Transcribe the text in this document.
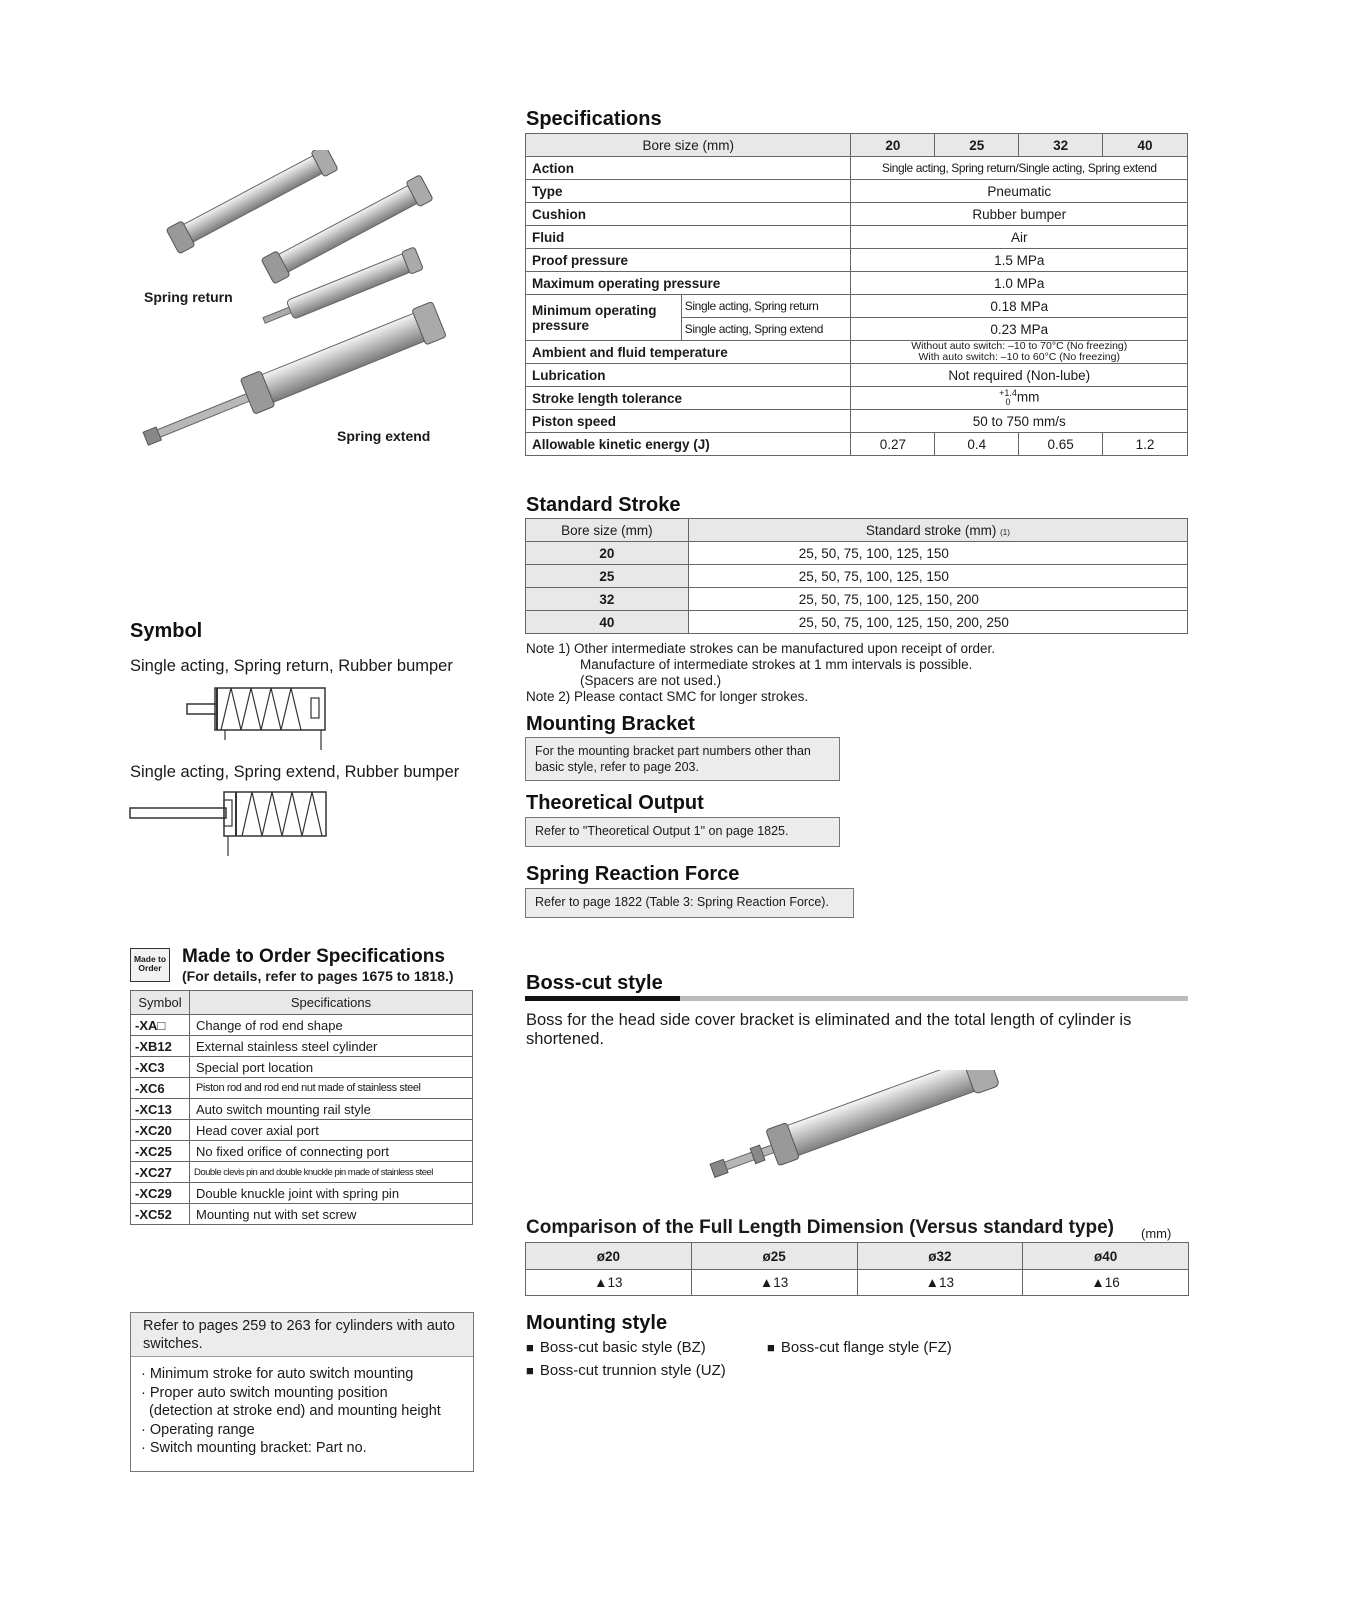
Spring return
Spring extend
Symbol
Single acting, Spring return, Rubber bumper
Single acting, Spring extend, Rubber bumper
Made to Order
Made to Order Specifications
(For details, refer to pages 1675 to 1818.)
Symbol	Specifications
-XA□	Change of rod end shape
-XB12	External stainless steel cylinder
-XC3	Special port location
-XC6	Piston rod and rod end nut made of stainless steel
-XC13	Auto switch mounting rail style
-XC20	Head cover axial port
-XC25	No fixed orifice of connecting port
-XC27	Double clevis pin and double knuckle pin made of stainless steel
-XC29	Double knuckle joint with spring pin
-XC52	Mounting nut with set screw
Refer to pages 259 to 263 for cylinders with auto switches.
· Minimum stroke for auto switch mounting
· Proper auto switch mounting position
(detection at stroke end) and mounting height
· Operating range
· Switch mounting bracket: Part no.
Specifications
Bore size (mm)		20	25	32	40
Action		Single acting, Spring return/Single acting, Spring extend			
Type		Pneumatic			
Cushion		Rubber bumper			
Fluid		Air			
Proof pressure		1.5 MPa			
Maximum operating pressure		1.0 MPa			
Minimum operating pressure	Single acting, Spring return	0.18 MPa			
	Single acting, Spring extend	0.23 MPa			
Ambient and fluid temperature		Without auto switch: –10 to 70°C (No freezing)
With auto switch: –10 to 60°C (No freezing)			

Lubrication		Not required (Non-lube)			
Stroke length tolerance		+1.4
0 mm			
Piston speed		50 to 750 mm/s			
Allowable kinetic energy (J)		0.27	0.4	0.65	1.2
Standard Stroke
Bore size (mm)	Standard stroke (mm) (1)
20	25, 50, 75, 100, 125, 150
25	25, 50, 75, 100, 125, 150
32	25, 50, 75, 100, 125, 150, 200
40	25, 50, 75, 100, 125, 150, 200, 250
Note 1) Other intermediate strokes can be manufactured upon receipt of order.
Manufacture of intermediate strokes at 1 mm intervals is possible.
(Spacers are not used.)
Note 2) Please contact SMC for longer strokes.
Mounting Bracket
For the mounting bracket part numbers other than basic style, refer to page 203.
Theoretical Output
Refer to "Theoretical Output 1" on page 1825.
Spring Reaction Force
Refer to page 1822 (Table 3: Spring Reaction Force).
Boss-cut style
Boss for the head side cover bracket is eliminated and the total length of cylinder is shortened.
Comparison of the Full Length Dimension (Versus standard type) (mm)
ø20	ø25	ø32	ø40
▲13	▲13	▲13	▲16
Mounting style
■ Boss-cut basic style (BZ)	■ Boss-cut flange style (FZ)
■ Boss-cut trunnion style (UZ)
